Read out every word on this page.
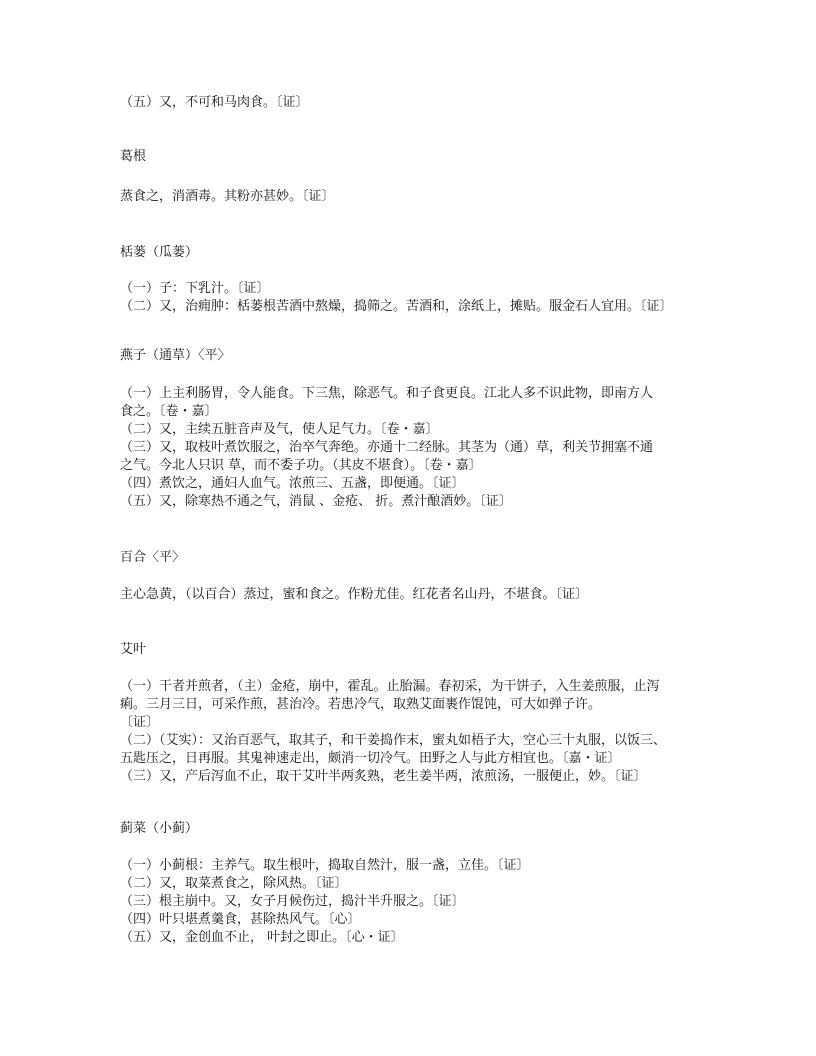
（五）又，不可和马肉食。〔证〕

葛根

蒸食之，消酒毒。其粉亦甚妙。〔证〕

栝蒌（瓜蒌）

（一）子：下乳汁。〔证〕
（二）又，治痈肿：栝蒌根苦酒中熬燥，捣筛之。苦酒和，涂纸上，摊贴。服金石人宜用。〔证〕

燕子（通草）〈平〉

（一）上主利肠胃，令人能食。下三焦，除恶气。和子食更良。江北人多不识此物，即南方人
食之。〔卷・嘉〕
（二）又，主续五脏音声及气，使人足气力。〔卷・嘉〕
（三）又，取枝叶煮饮服之，治卒气奔绝。亦通十二经脉。其茎为（通）草，利关节拥塞不通
之气。今北人只识 草，而不委子功。（其皮不堪食）。〔卷・嘉〕
（四）煮饮之，通妇人血气。浓煎三、五盏，即便通。〔证〕
（五）又，除寒热不通之气，消鼠 、金疮、 折。煮汁酿酒妙。〔证〕

百合〈平〉

主心急黄，（以百合）蒸过，蜜和食之。作粉尤佳。红花者名山丹，不堪食。〔证〕

艾叶

（一）干者并煎者，（主）金疮，崩中，霍乱。止胎漏。春初采，为干饼子，入生姜煎服，止泻
痢。三月三日，可采作煎，甚治冷。若患冷气，取熟艾面裹作馄饨，可大如弹子许。
〔证〕
（二）（艾实）：又治百恶气，取其子，和干姜捣作末，蜜丸如梧子大，空心三十丸服，以饭三、
五匙压之，日再服。其鬼神速走出，颇消一切冷气。田野之人与此方相宜也。〔嘉・证〕
（三）又，产后泻血不止，取干艾叶半两炙熟，老生姜半两，浓煎汤，一服便止，妙。〔证〕

蓟菜（小蓟）

（一）小蓟根：主养气。取生根叶，捣取自然汁，服一盏，立佳。〔证〕
（二）又，取菜煮食之，除风热。〔证〕
（三）根主崩中。又，女子月候伤过，捣汁半升服之。〔证〕
（四）叶只堪煮羹食，甚除热风气。〔心〕
（五）又，金创血不止， 叶封之即止。〔心・证〕
